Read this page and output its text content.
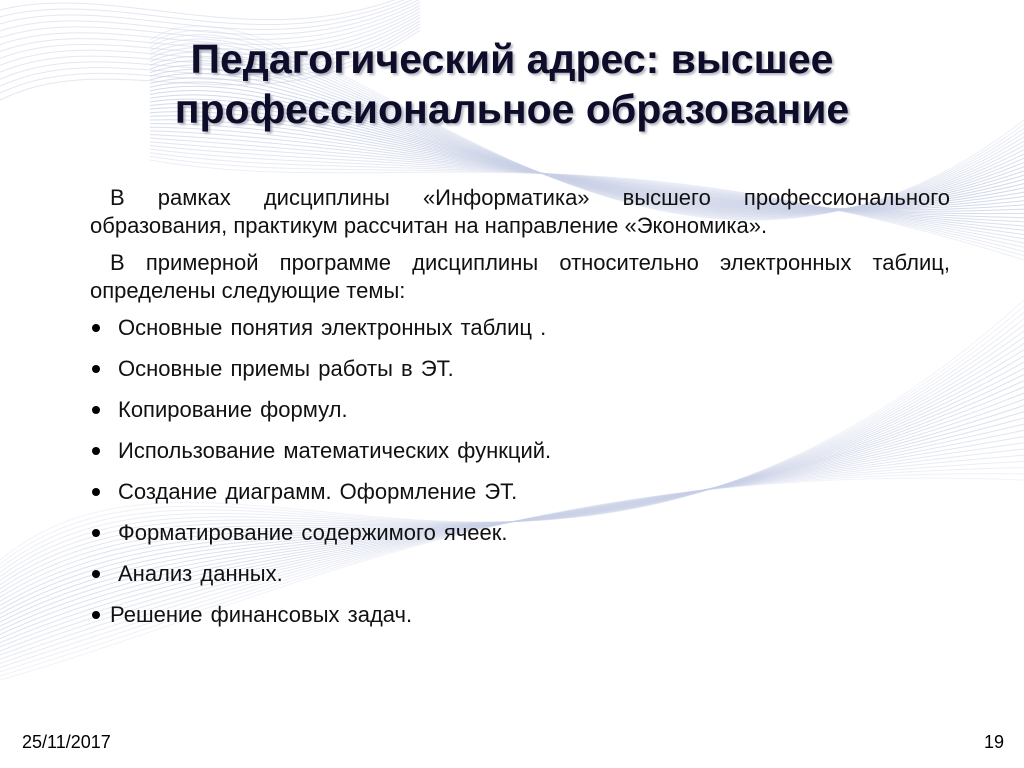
Педагогический адрес: высшее профессиональное образование

В рамках дисциплины «Информатика» высшего профессионального образования, практикум рассчитан на направление «Экономика».

В примерной программе дисциплины относительно электронных таблиц, определены следующие темы:

Основные понятия электронных таблиц .
Основные приемы работы в ЭТ.
Копирование формул.
Использование математических функций.
Создание диаграмм. Оформление ЭТ.
Форматирование содержимого ячеек.
Анализ данных.
Решение финансовых задач.
25/11/2017	19
